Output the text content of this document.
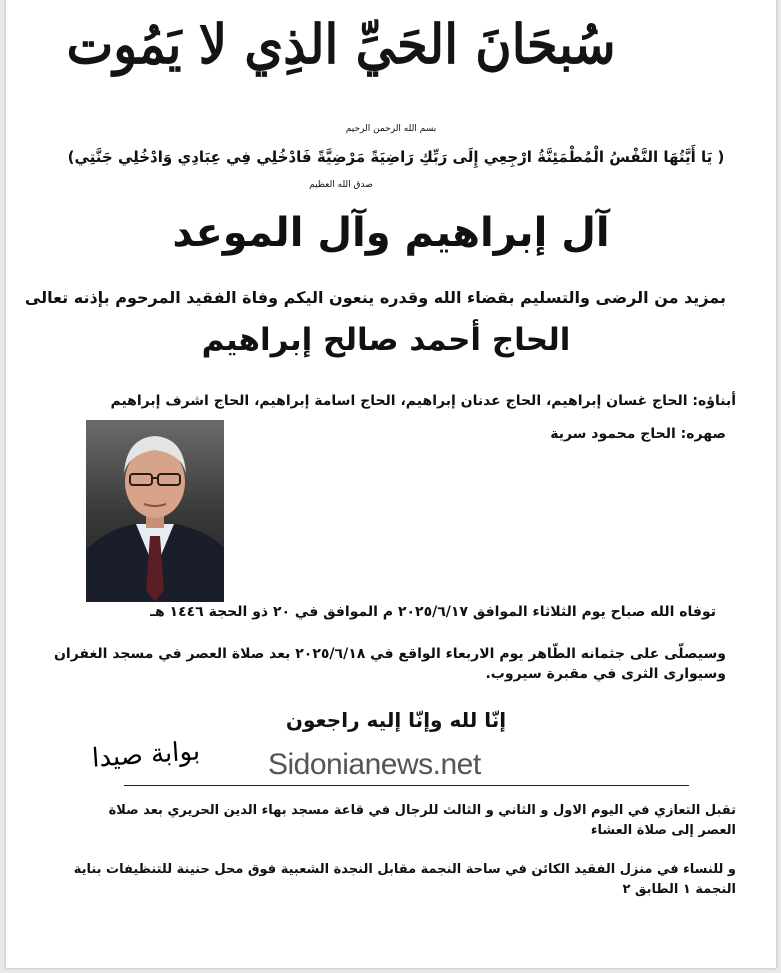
سُبحَانَ الحَيِّ الذِي لا يَمُوت
بسم الله الرحمن الرحيم
( يَا أَيَّتُهَا النَّفْسُ الْمُطْمَئِنَّةُ ارْجِعِي إِلَى رَبِّكِ رَاضِيَةً مَرْضِيَّةً فَادْخُلِي فِي عِبَادِي وَادْخُلِي جَنَّتِي)
صدق الله العظيم
آل إبراهيم وآل الموعد
بمزيد من الرضى والتسليم بقضاء الله وقدره ينعون اليكم وفاة الفقيد المرحوم بإذنه تعالى
الحاج أحمد صالح إبراهيم
أبناؤه: الحاج غسان إبراهيم، الحاج عدنان إبراهيم، الحاج اسامة إبراهيم، الحاج اشرف إبراهيم
صهره: الحاج محمود سرية
توفاه الله صباح يوم الثلاثاء الموافق ٢٠٢٥/٦/١٧ م الموافق في ٢٠ ذو الحجة ١٤٤٦ هـ
وسيصلّى على جثمانه الطّاهر يوم الاربعاء الواقع في ٢٠٢٥/٦/١٨ بعد صلاة العصر في مسجد الغفران
وسيوارى الثرى في مقبرة سيروب.
إنّا لله وإنّا إليه راجعون
بوابة صيدا	Sidonianews.net
تقبل التعازي في اليوم الاول و الثاني و الثالث للرجال في قاعة مسجد بهاء الدين الحريري بعد صلاة
العصر إلى صلاة العشاء
و للنساء في منزل الفقيد الكائن في ساحة النجمة مقابل النجدة الشعبية فوق محل حنينة للتنظيفات بناية
النجمة ١ الطابق ٢
